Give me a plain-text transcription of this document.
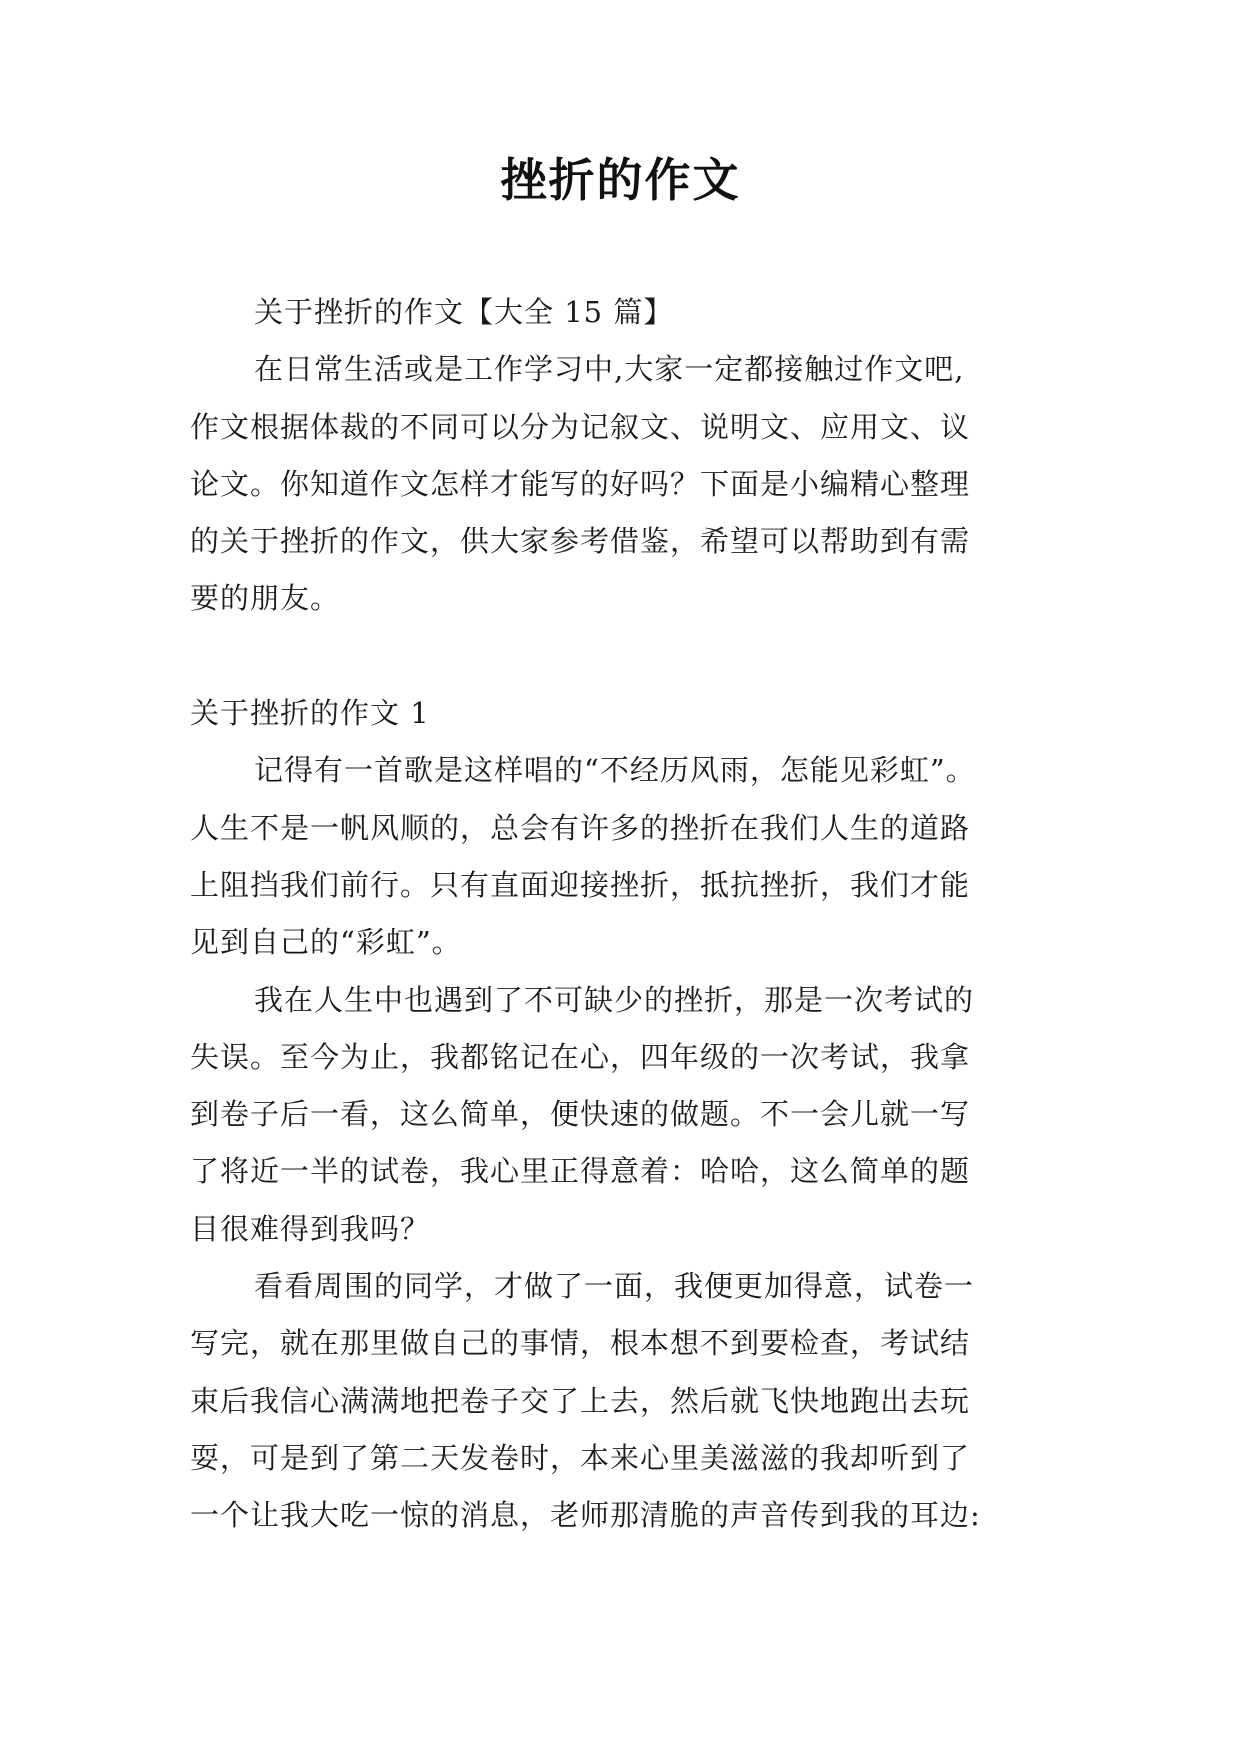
挫折的作文
关于挫折的作文【大全 15 篇】
在日常生活或是工作学习中,大家一定都接触过作文吧,
作文根据体裁的不同可以分为记叙文、说明文、应用文、议
论文。你知道作文怎样才能写的好吗？下面是小编精心整理
的关于挫折的作文，供大家参考借鉴，希望可以帮助到有需
要的朋友。
关于挫折的作文 1
记得有一首歌是这样唱的“不经历风雨，怎能见彩虹”。
人生不是一帆风顺的，总会有许多的挫折在我们人生的道路
上阻挡我们前行。只有直面迎接挫折，抵抗挫折，我们才能
见到自己的“彩虹”。
我在人生中也遇到了不可缺少的挫折，那是一次考试的
失误。至今为止，我都铭记在心，四年级的一次考试，我拿
到卷子后一看，这么简单，便快速的做题。不一会儿就一写
了将近一半的试卷，我心里正得意着：哈哈，这么简单的题
目很难得到我吗？
看看周围的同学，才做了一面，我便更加得意，试卷一
写完，就在那里做自己的事情，根本想不到要检查，考试结
束后我信心满满地把卷子交了上去，然后就飞快地跑出去玩
耍，可是到了第二天发卷时，本来心里美滋滋的我却听到了
一个让我大吃一惊的消息，老师那清脆的声音传到我的耳边:
